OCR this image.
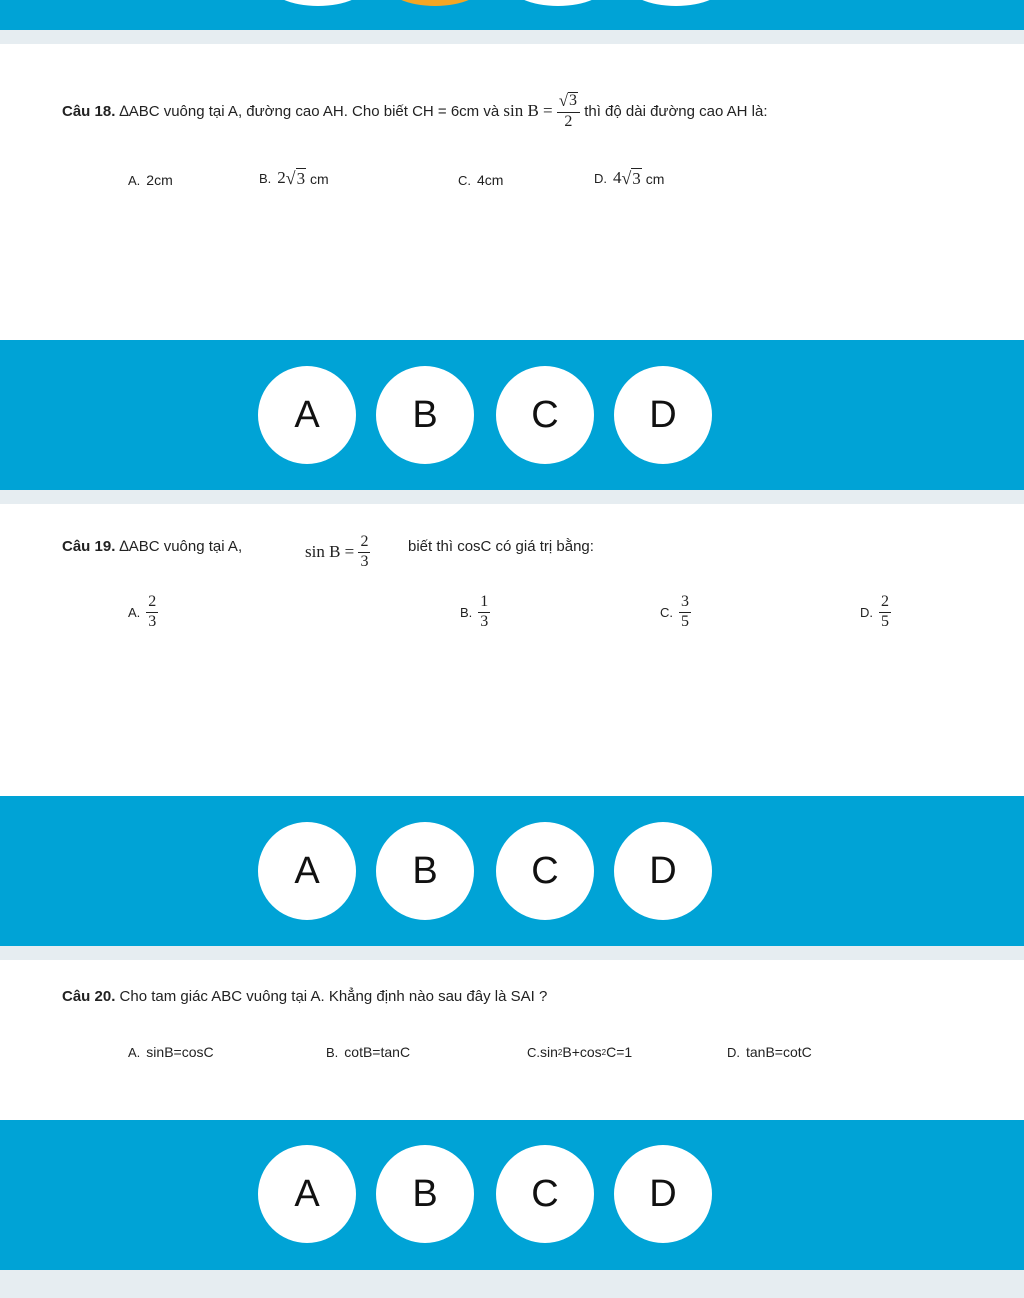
Câu 18.
∆ABC vuông tại A, đường cao AH. Cho biết CH = 6cm và
sin B =
$\frac{√ 3}{2}$
thì độ dài đường cao AH là:
A. 2cm	B. 2 √ 3
cm	C. 4cm	D. 4 √ 3
cm
A	B	C	D
Câu 19. ∆ABC vuông tại A,	sin B =
$\frac{2}{3}$	biết thì cosC có giá trị bằng:
A. $\frac{2}{3}$	B. $\frac{1}{3}$	C. $\frac{3}{5}$	D. $\frac{2}{5}$
A	B	C	D
Câu 20. Cho tam giác ABC vuông tại A. Khẳng định nào sau đây là SAI ?
A. sinB=cosC	B. cotB=tanC	C. sin 2 B+cos 2 C=1	D. tanB=cotC
A	B	C	D
